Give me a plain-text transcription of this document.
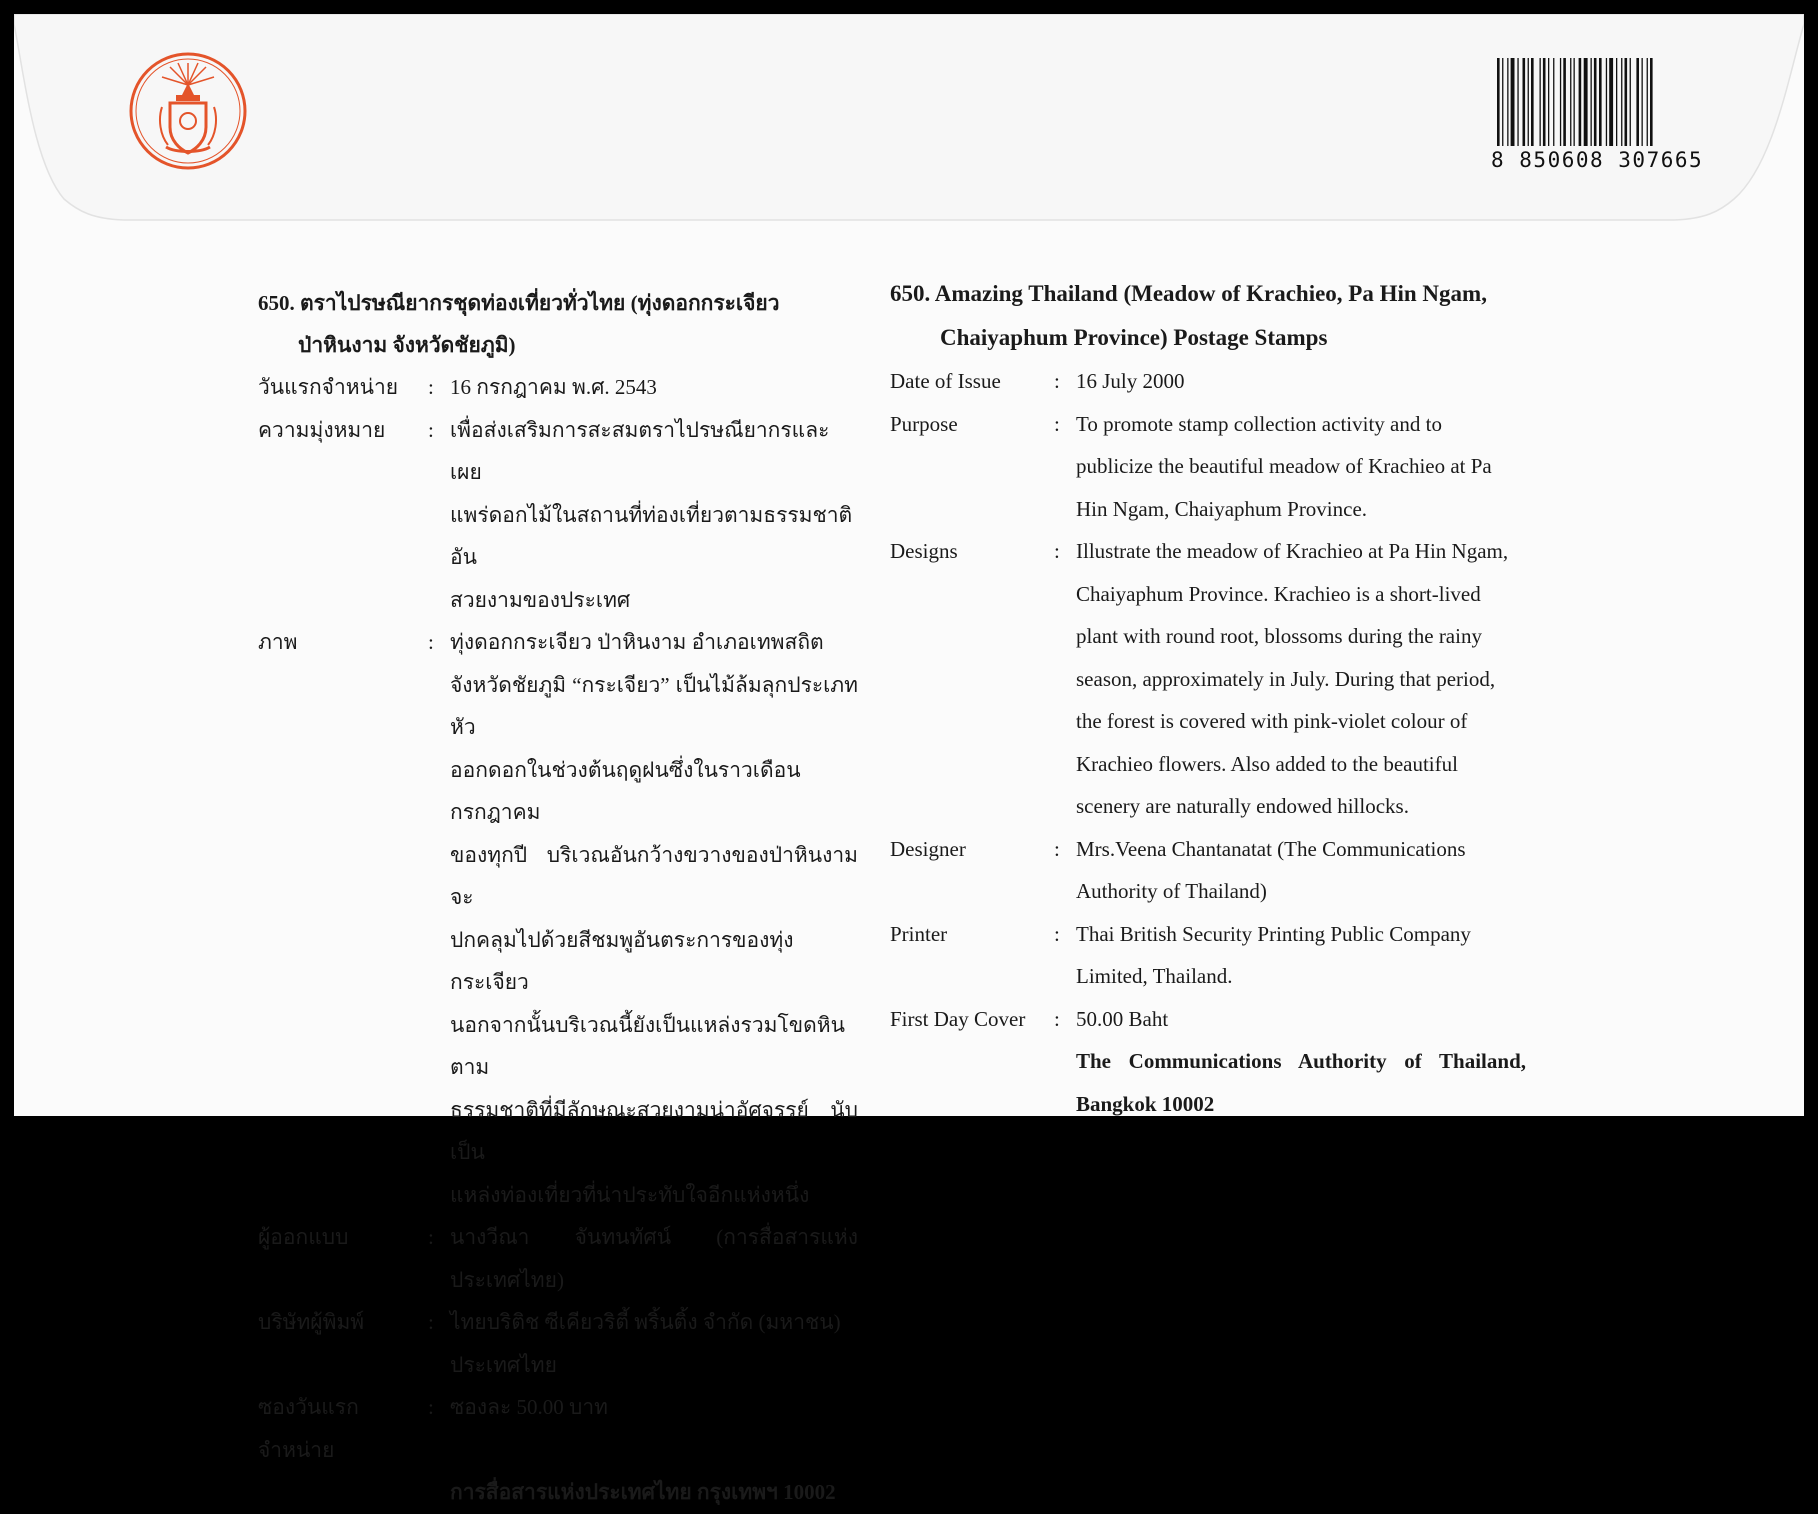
8 850608 307665
650. ตราไปรษณียากรชุดท่องเที่ยวทั่วไทย (ทุ่งดอกกระเจียว
ป่าหินงาม จังหวัดชัยภูมิ)
วันแรกจำหน่าย	: 16 กรกฎาคม พ.ศ. 2543
ความมุ่งหมาย	: เพื่อส่งเสริมการสะสมตราไปรษณียากรและเผย
แพร่ดอกไม้ในสถานที่ท่องเที่ยวตามธรรมชาติอัน
สวยงามของประเทศ
ภาพ	: ทุ่งดอกกระเจียว ป่าหินงาม อำเภอเทพสถิต
จังหวัดชัยภูมิ “กระเจียว” เป็นไม้ล้มลุกประเภทหัว
ออกดอกในช่วงต้นฤดูฝนซึ่งในราวเดือนกรกฎาคม
ของทุกปี บริเวณอันกว้างขวางของป่าหินงามจะ
ปกคลุมไปด้วยสีชมพูอันตระการของทุ่งกระเจียว
นอกจากนั้นบริเวณนี้ยังเป็นแหล่งรวมโขดหินตาม
ธรรมชาติที่มีลักษณะสวยงามน่าอัศจรรย์ นับเป็น
แหล่งท่องเที่ยวที่น่าประทับใจอีกแห่งหนึ่ง
ผู้ออกแบบ	: นางวีณา จันทนทัศน์ (การสื่อสารแห่งประเทศไทย)
บริษัทผู้พิมพ์	: ไทยบริติช ซีเคียวริตี้ พริ้นติ้ง จำกัด (มหาชน)
ประเทศไทย
ซองวันแรกจำหน่าย
: ซองละ 50.00 บาท
การสื่อสารแห่งประเทศไทย กรุงเทพฯ 10002
650. Amazing Thailand (Meadow of Krachieo, Pa Hin Ngam,
Chaiyaphum Province) Postage Stamps
Date of Issue	: 16 July 2000
Purpose	: To promote stamp collection activity and to
publicize the beautiful meadow of Krachieo at Pa
Hin Ngam, Chaiyaphum Province.
Designs	: Illustrate the meadow of Krachieo at Pa Hin Ngam,
Chaiyaphum Province. Krachieo is a short-lived
plant with round root, blossoms during the rainy
season, approximately in July. During that period,
the forest is covered with pink-violet colour of
Krachieo flowers. Also added to the beautiful
scenery are naturally endowed hillocks.
Designer	: Mrs.Veena Chantanatat (The Communications
Authority of Thailand)
Printer	: Thai British Security Printing Public Company
Limited, Thailand.
First Day Cover	: 50.00 Baht
The Communications Authority of Thailand, Bangkok 10002
